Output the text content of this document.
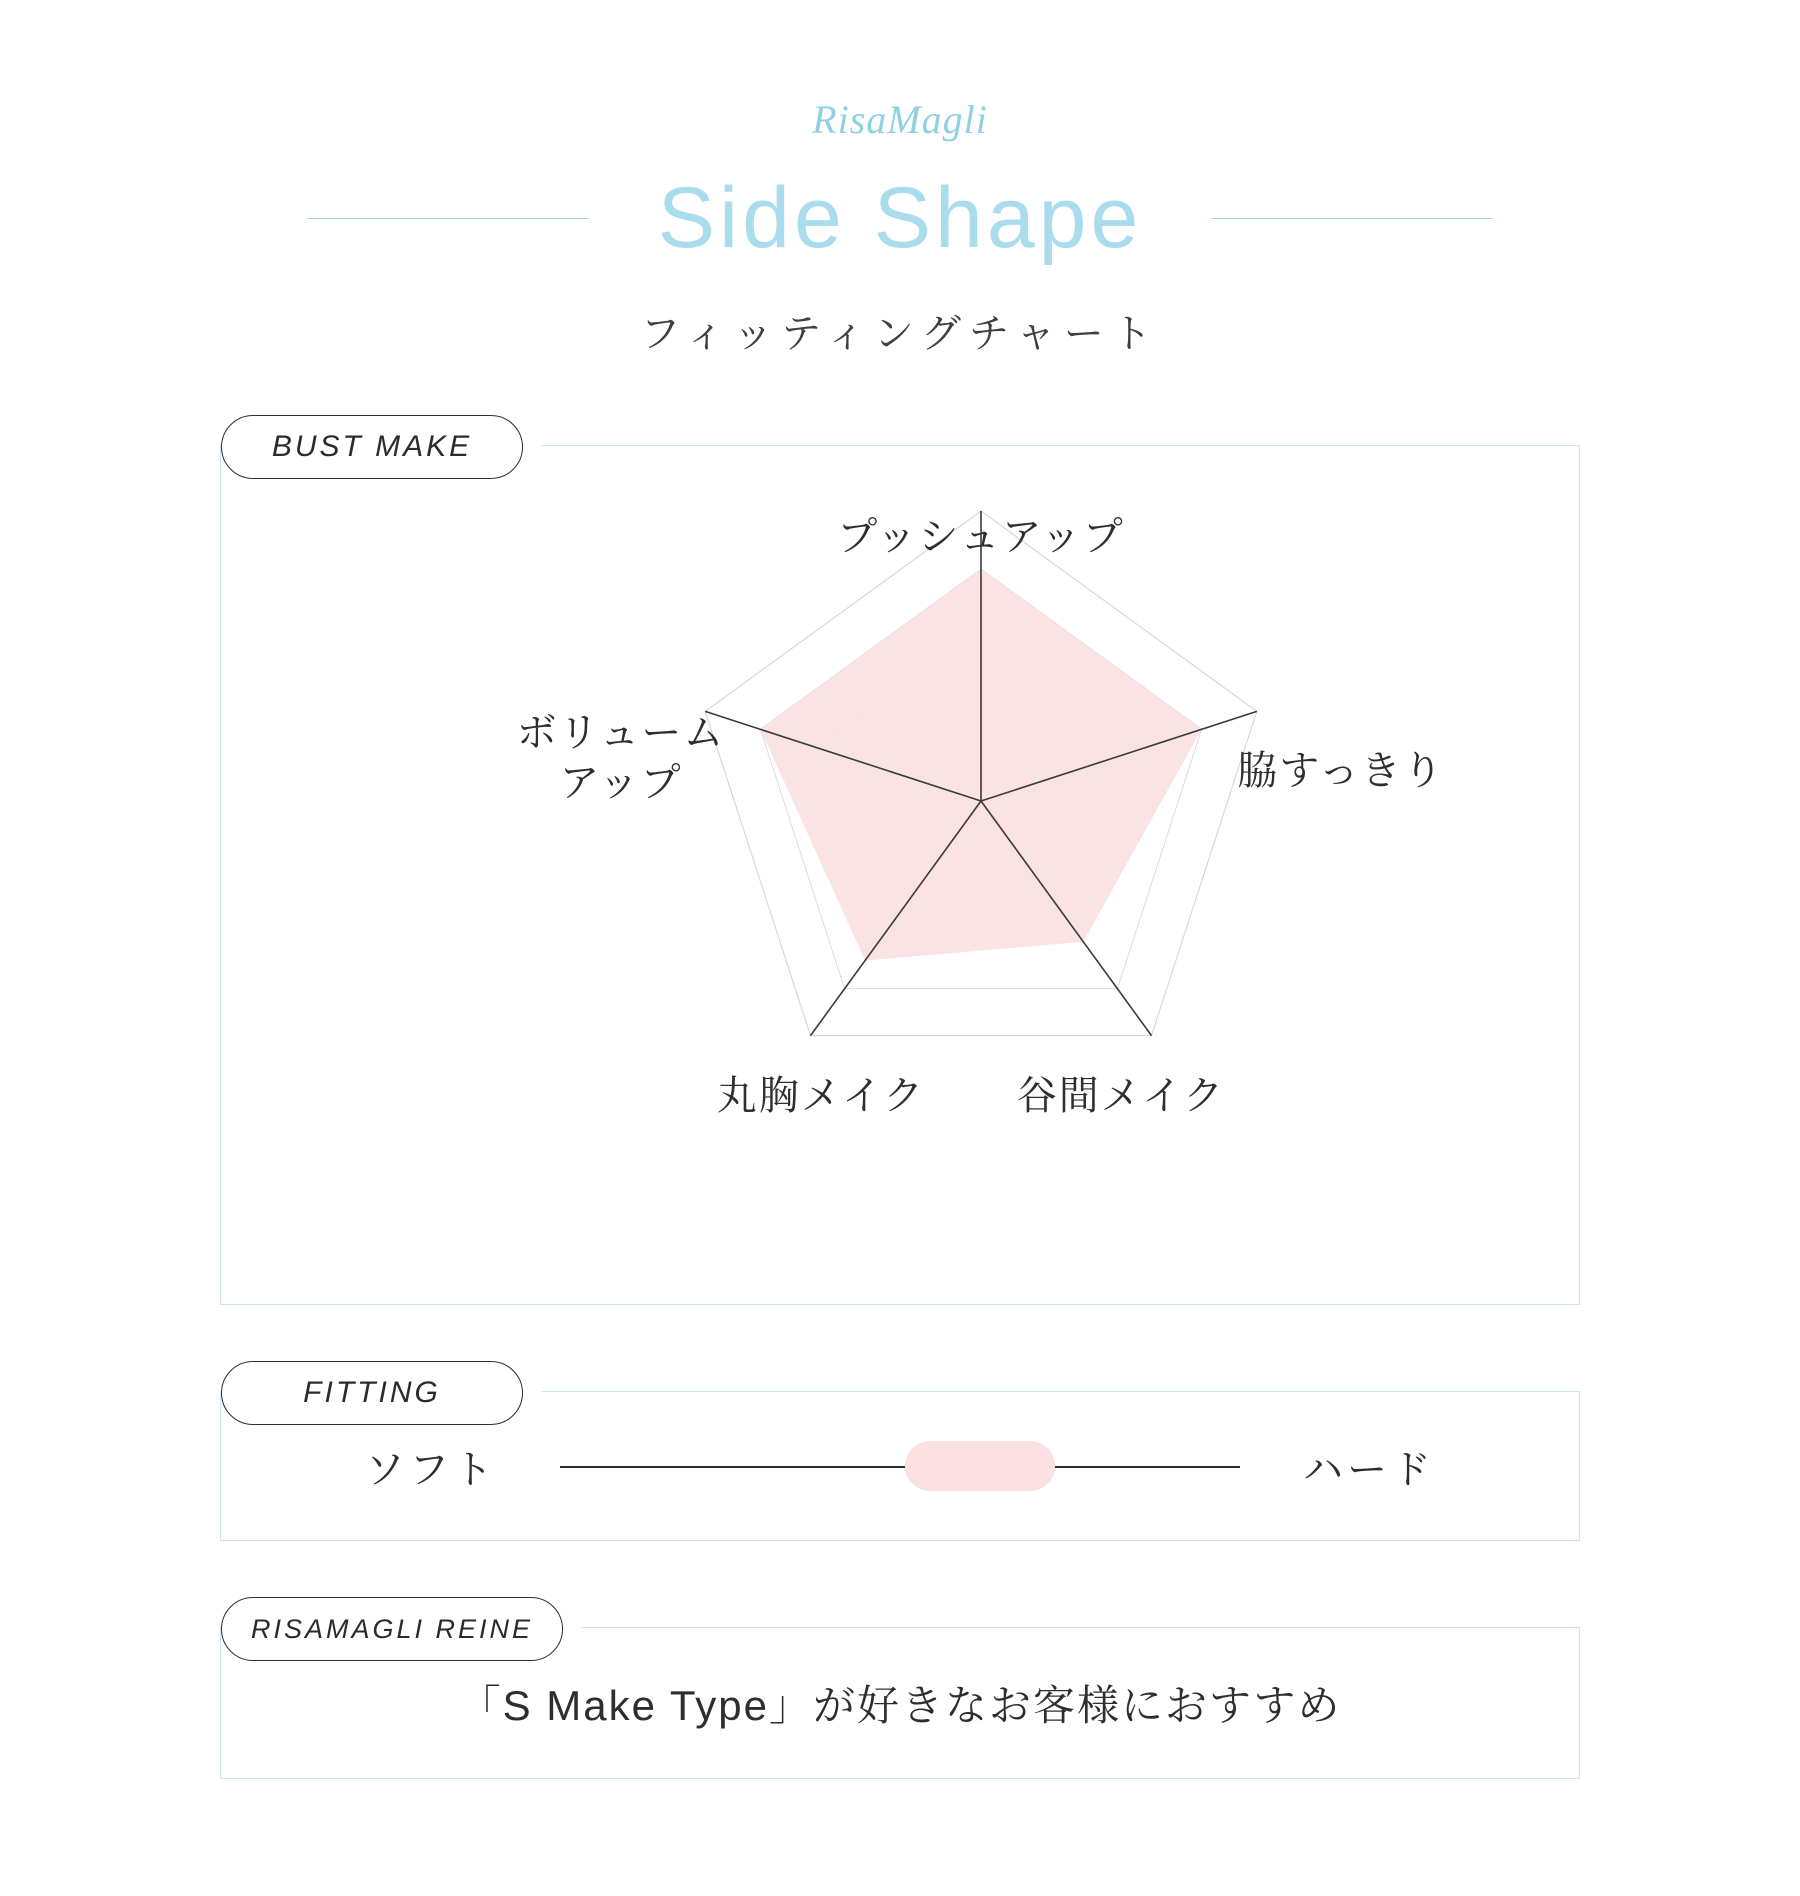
RisaMagli
Side Shape
フィッティングチャート
BUST MAKE
プッシュアップ
脇すっきり
谷間メイク
丸胸メイク
ボリューム
アップ
FITTING
ソフト	ハード
RISAMAGLI REINE
「S Make Type」が好きなお客様におすすめ
